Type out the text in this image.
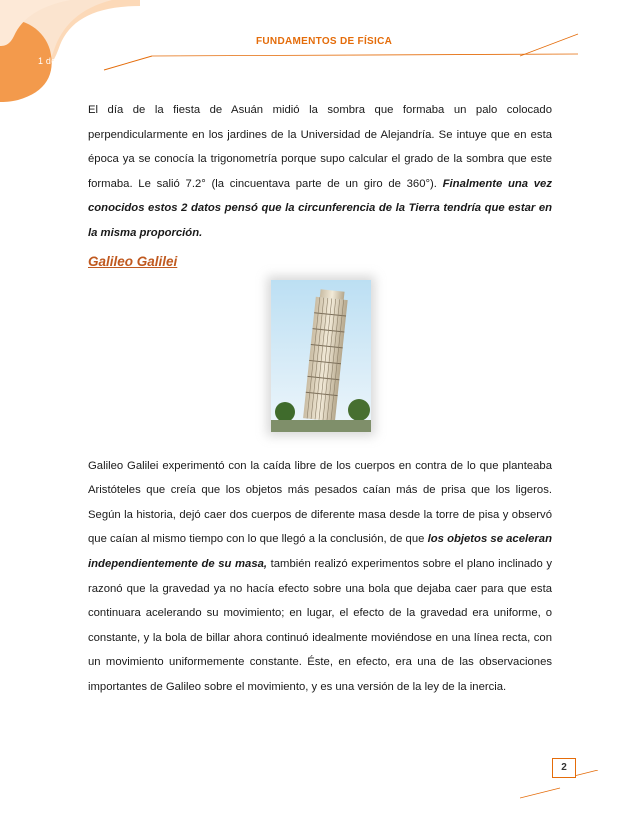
1 de ene.
FUNDAMENTOS DE FÍSICA

El día de la fiesta de Asuán midió la sombra que formaba un palo colocado perpendicularmente en los jardines de la Universidad de Alejandría. Se intuye que en esta época ya se conocía la trigonometría porque supo calcular el grado de la sombra que este formaba. Le salió 7.2° (la cincuentava parte de un giro de 360°). Finalmente una vez conocidos estos 2 datos pensó que la circunferencia de la Tierra tendría que estar en la misma proporción.

Galileo Galilei

Galileo Galilei experimentó con la caída libre de los cuerpos en contra de lo que planteaba Aristóteles que creía que los objetos más pesados caían más de prisa que los ligeros. Según la historia, dejó caer dos cuerpos de diferente masa desde la torre de pisa y observó que caían al mismo tiempo con lo que llegó a la conclusión, de que los objetos se aceleran independientemente de su masa, también realizó experimentos sobre el plano inclinado y razonó que la gravedad ya no hacía efecto sobre una bola que dejaba caer para que esta continuara acelerando su movimiento; en lugar, el efecto de la gravedad era uniforme, o constante, y la bola de billar ahora continuó idealmente moviéndose en una línea recta, con un movimiento uniformemente constante. Éste, en efecto, era una de las observaciones importantes de Galileo sobre el movimiento, y es una versión de la ley de la inercia.

2
